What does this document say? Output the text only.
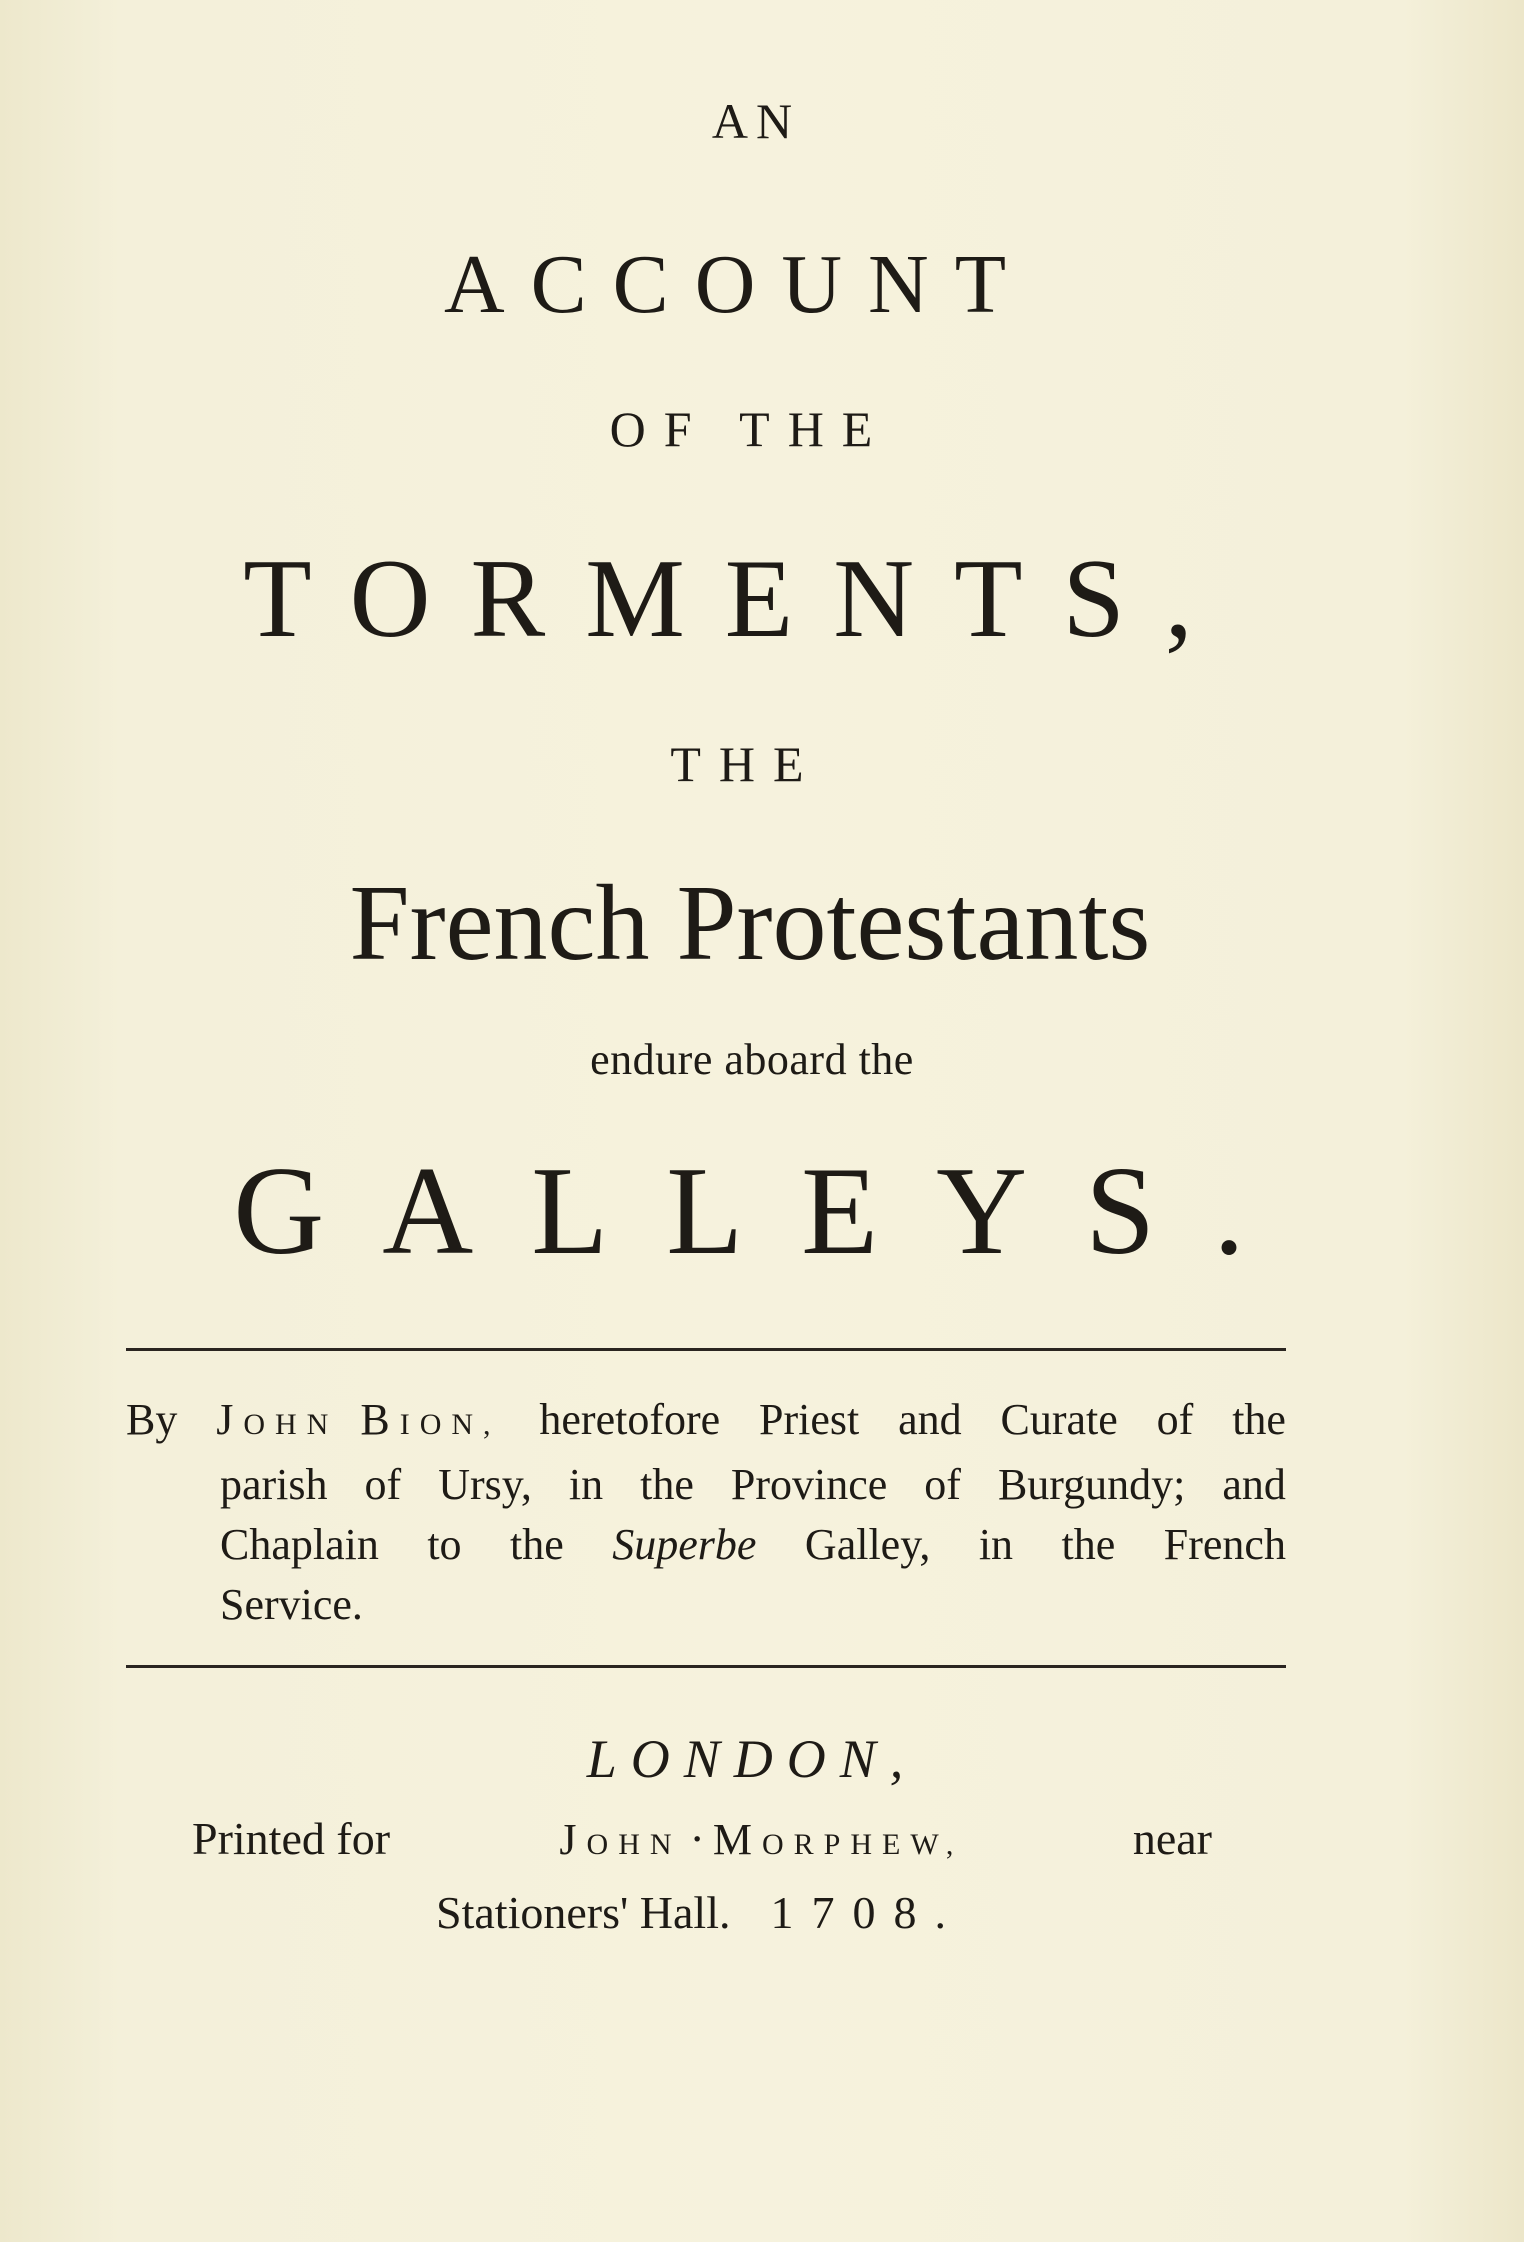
AN
ACCOUNT
OF THE
TORMENTS,
THE
French Protestants
endure aboard the
GALLEYS.
By JOHN BION, heretofore Priest and Curate of the
parish of Ursy, in the Province of Burgundy; and
Chaplain to the Superbe Galley, in the French
Service.
LONDON,
Printed for	JOHN · MORPHEW,	near
Stationers' Hall. 1708.
